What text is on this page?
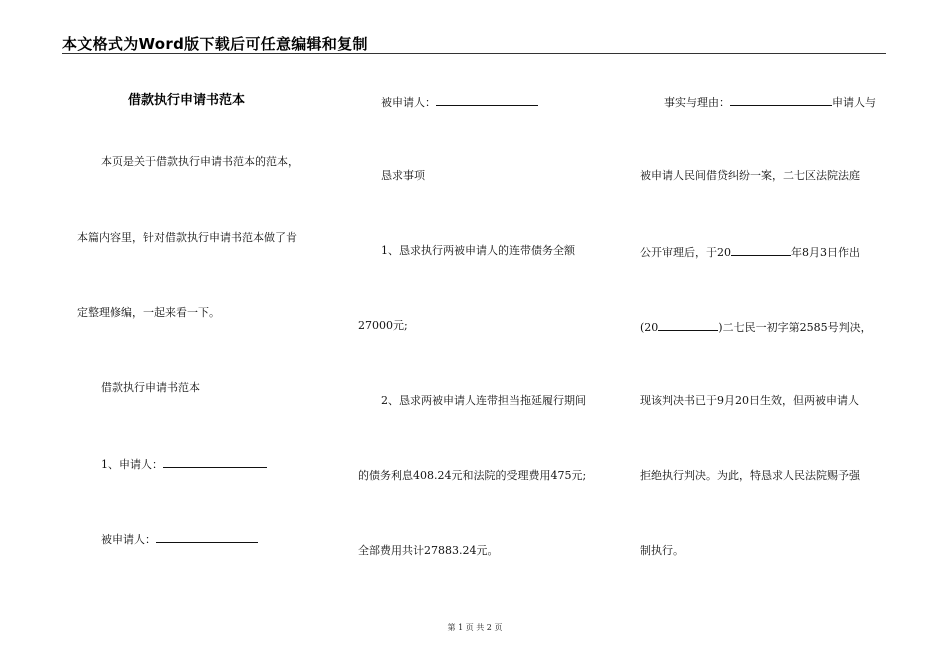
本文格式为Word版下载后可任意编辑和复制
借款执行申请书范本
本页是关于借款执行申请书范本的范本，
本篇内容里，针对借款执行申请书范本做了肯
定整理修编，一起来看一下。
借款执行申请书范本
1、申请人：
被申请人：
被申请人：
恳求事项
1、恳求执行两被申请人的连带债务全额
27000元;
2、恳求两被申请人连带担当拖延履行期间
的债务利息408.24元和法院的受理费用475元;
全部费用共计27883.24元。
事实与理由：	申请人与
被申请人民间借贷纠纷一案，二七区法院法庭
公开审理后，于20	年8月3日作出
(20	)二七民一初字第2585号判决，
现该判决书已于9月20日生效，但两被申请人
拒绝执行判决。为此，特恳求人民法院赐予强
制执行。
第 1 页 共 2 页
